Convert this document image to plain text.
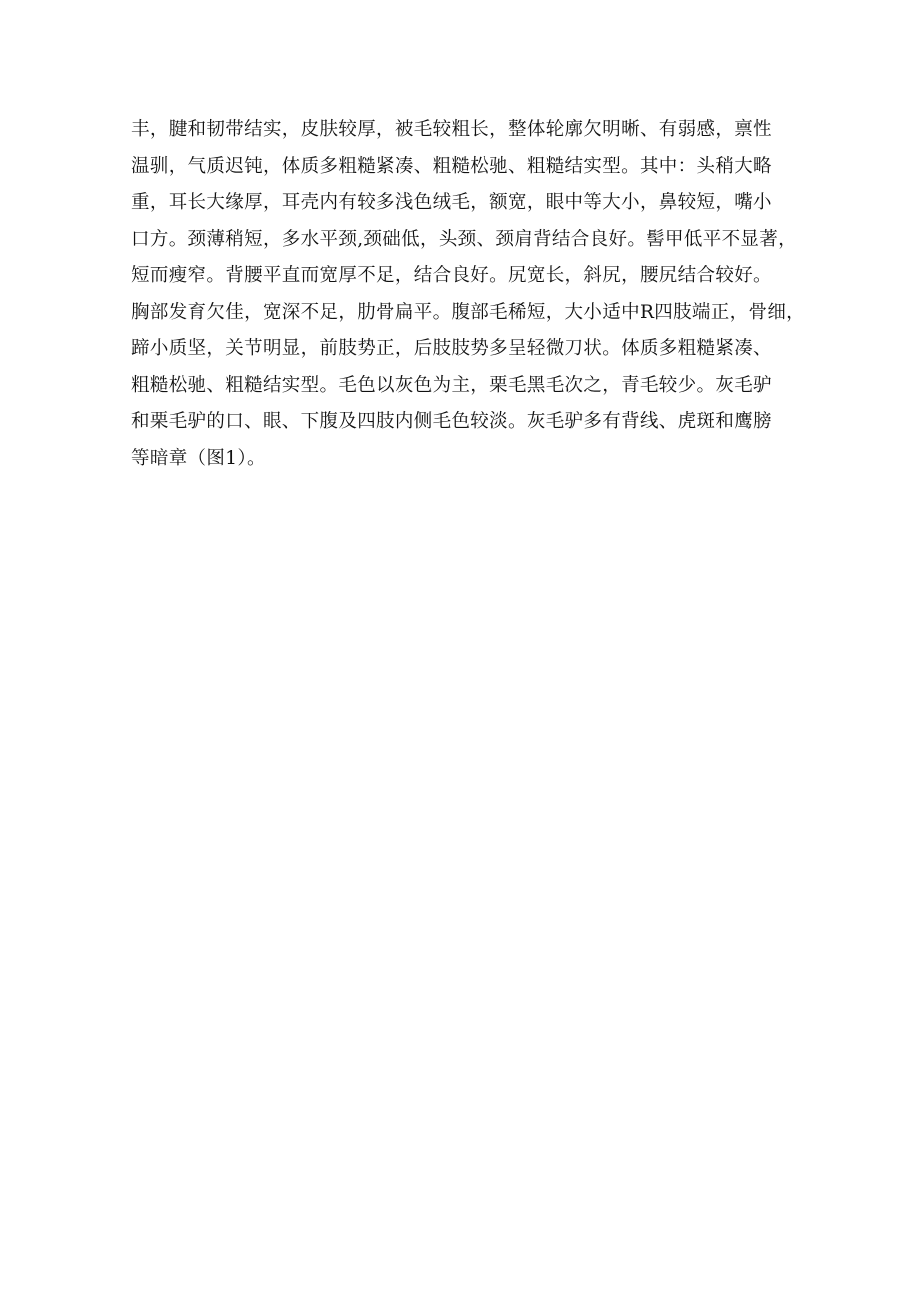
丰，腱和韧带结实，皮肤较厚，被毛较粗长，整体轮廓欠明晰、有弱感，禀性
温驯，气质迟钝，体质多粗糙紧凑、粗糙松驰、粗糙结实型。其中：头稍大略
重，耳长大缘厚，耳壳内有较多浅色绒毛，额宽，眼中等大小，鼻较短，嘴小
口方。颈薄稍短，多水平颈,颈础低，头颈、颈肩背结合良好。髻甲低平不显著，
短而瘦窄。背腰平直而宽厚不足，结合良好。尻宽长，斜尻，腰尻结合较好。
胸部发育欠佳，宽深不足，肋骨扁平。腹部毛稀短，大小适中R四肢端正，骨细，
蹄小质坚，关节明显，前肢势正，后肢肢势多呈轻微刀状。体质多粗糙紧凑、
粗糙松驰、粗糙结实型。毛色以灰色为主，栗毛黑毛次之，青毛较少。灰毛驴
和栗毛驴的口、眼、下腹及四肢内侧毛色较淡。灰毛驴多有背线、虎斑和鹰膀
等暗章（图1）。
